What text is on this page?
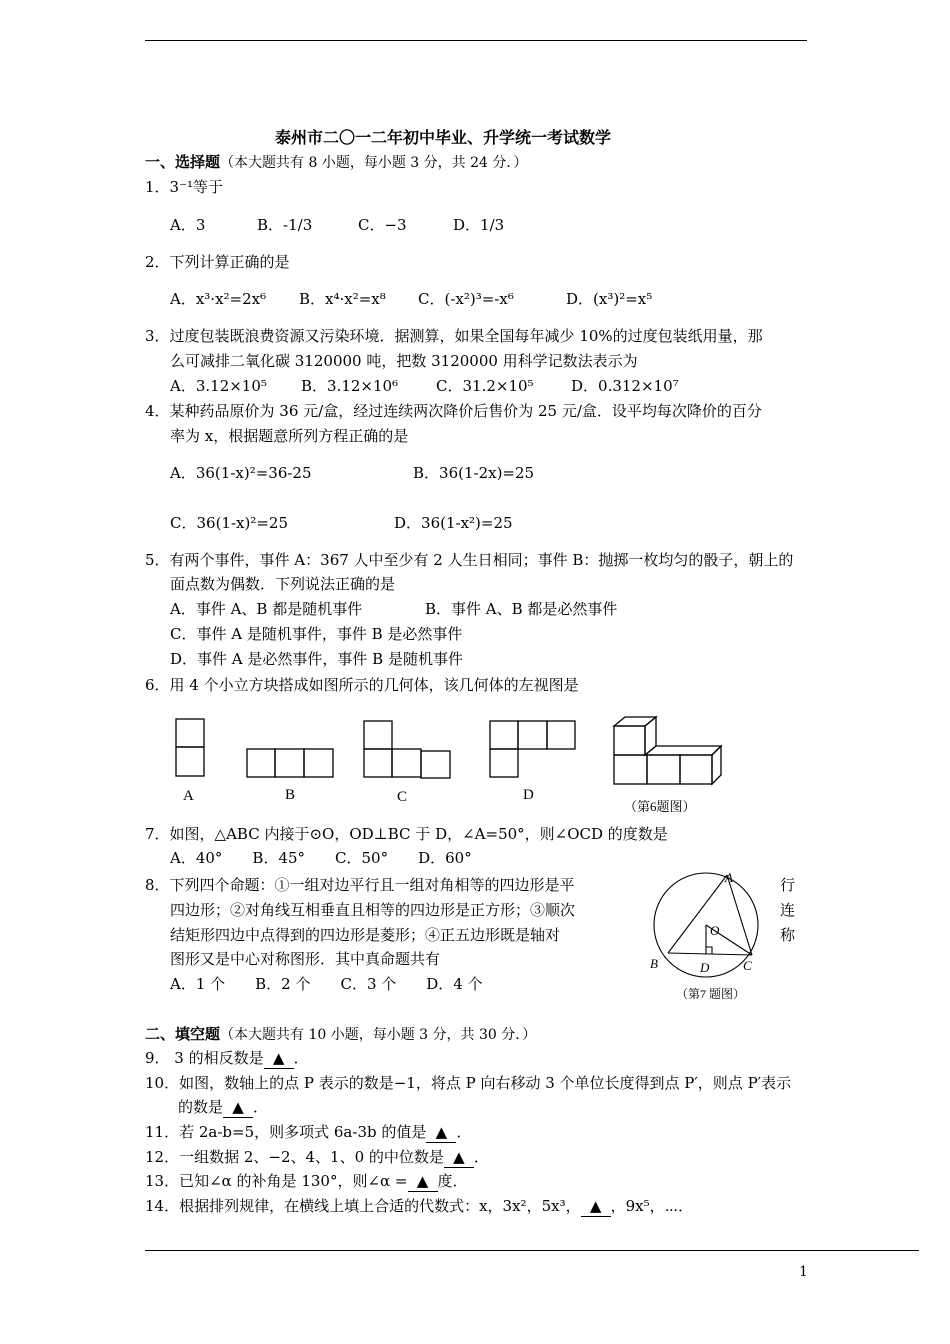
泰州市二〇一二年初中毕业、升学统一考试数学
一、选择题（本大题共有 8 小题，每小题 3 分，共 24 分．）
1．3⁻¹等于
A．3	B．-1/3	C．−3	D．1/3
2．下列计算正确的是
A．x³·x²=2x⁶ B．x⁴·x²=x⁸ C．(-x²)³=-x⁶	D．(x³)²=x⁵
3．过度包装既浪费资源又污染环境．据测算，如果全国每年减少 10%的过度包装纸用量，那
么可减排二氧化碳 3120000 吨，把数 3120000 用科学记数法表示为
A．3.12×10⁵ B．3.12×10⁶	C．31.2×10⁵ D．0.312×10⁷
4．某种药品原价为 36 元/盒，经过连续两次降价后售价为 25 元/盒．设平均每次降价的百分
率为 x，根据题意所列方程正确的是
A．36(1-x)²=36-25	B．36(1-2x)=25
C．36(1-x)²=25	D．36(1-x²)=25
5．有两个事件，事件 A：367 人中至少有 2 人生日相同；事件 B：抛掷一枚均匀的骰子，朝上的
面点数为偶数．下列说法正确的是
A．事件 A、B 都是随机事件	B．事件 A、B 都是必然事件
C．事件 A 是随机事件，事件 B 是必然事件
D．事件 A 是必然事件，事件 B 是随机事件
6．用 4 个小立方块搭成如图所示的几何体，该几何体的左视图是
A	B	C	D
（第6题图）
7．如图，△ABC 内接于⊙O，OD⊥BC 于 D，∠A=50°，则∠OCD 的度数是
A．40°　　B．45°　　C．50°　　D．60°
A
O
B	D	C
（第7 题图）
8．下列四个命题：①一组对边平行且一组对角相等的四边形是平
四边形；②对角线互相垂直且相等的四边形是正方形；③顺次
结矩形四边中点得到的四边形是菱形；④正五边形既是轴对
图形又是中心对称图形．其中真命题共有
行
连
称
A．1 个　　B．2 个　　C．3 个　　D．4 个
二、填空题（本大题共有 10 小题，每小题 3 分，共 30 分．）
9． 3 的相反数是 ▲ ．
10．如图，数轴上的点 P 表示的数是−1，将点 P 向右移动 3 个单位长度得到点 P′，则点 P′表示
的数是 ▲ ．
11．若 2a-b=5，则多项式 6a-3b 的值是 ▲ ．
12．一组数据 2、−2、4、1、0 的中位数是 ▲ ．
13．已知∠α 的补角是 130°，则∠α = ▲ 度．
14．根据排列规律，在横线上填上合适的代数式：x，3x²，5x³， ▲ ，9x⁵，⋯．
1
